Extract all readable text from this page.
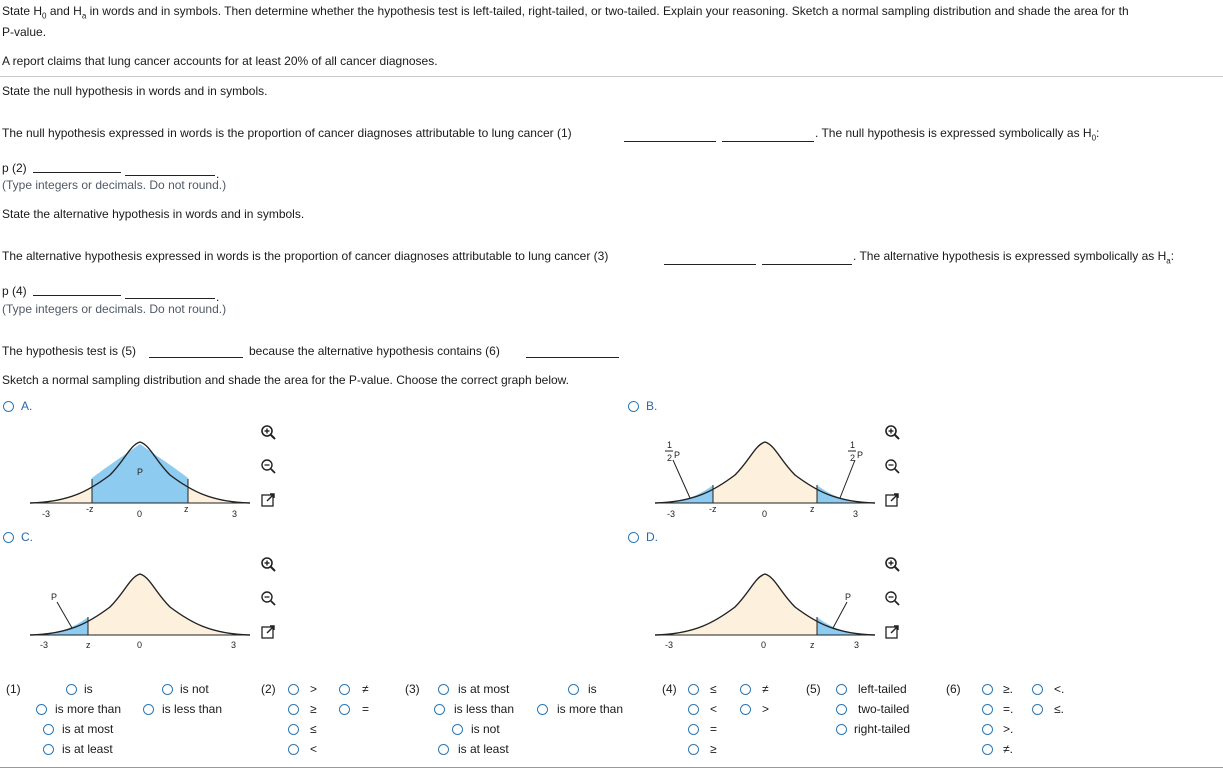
State $H_0$ and $H_a$ in words and in symbols. Then determine whether the hypothesis test is left-tailed, right-tailed, or two-tailed. Explain your reasoning. Sketch a normal sampling distribution and shade the area for th
P-value.
A report claims that lung cancer accounts for at least 20% of all cancer diagnoses.
State the null hypothesis in words and in symbols.
The null hypothesis expressed in words is the proportion of cancer diagnoses attributable to lung cancer (1)	. The null hypothesis is expressed symbolically as $H_0$:
p (2)	.
(Type integers or decimals. Do not round.)
State the alternative hypothesis in words and in symbols.
The alternative hypothesis expressed in words is the proportion of cancer diagnoses attributable to lung cancer (3)	. The alternative hypothesis is expressed symbolically as $H_a$:
p (4)	.
(Type integers or decimals. Do not round.)
The hypothesis test is (5)	because the alternative hypothesis contains (6)
Sketch a normal sampling distribution and shade the area for the P-value. Choose the correct graph below.
A.	B.
C.	D.
-3	-z	0	z	3
P
-3	-z	0	z	3
1
2 P
1
2 P
-3	z	0	3
P
-3	0	z	3
P
(1)	is	is not
is more than	is less than
is at most
is at least
(2)	>	≠
≥	=
≤
<
(3)	is at most	is
is less than	is more than
is not
is at least
(4)	≤	≠
<	>
=
≥
(5)	left-tailed
two-tailed
right-tailed
(6)	≥.	<.
=.	≤.
>.
≠.
